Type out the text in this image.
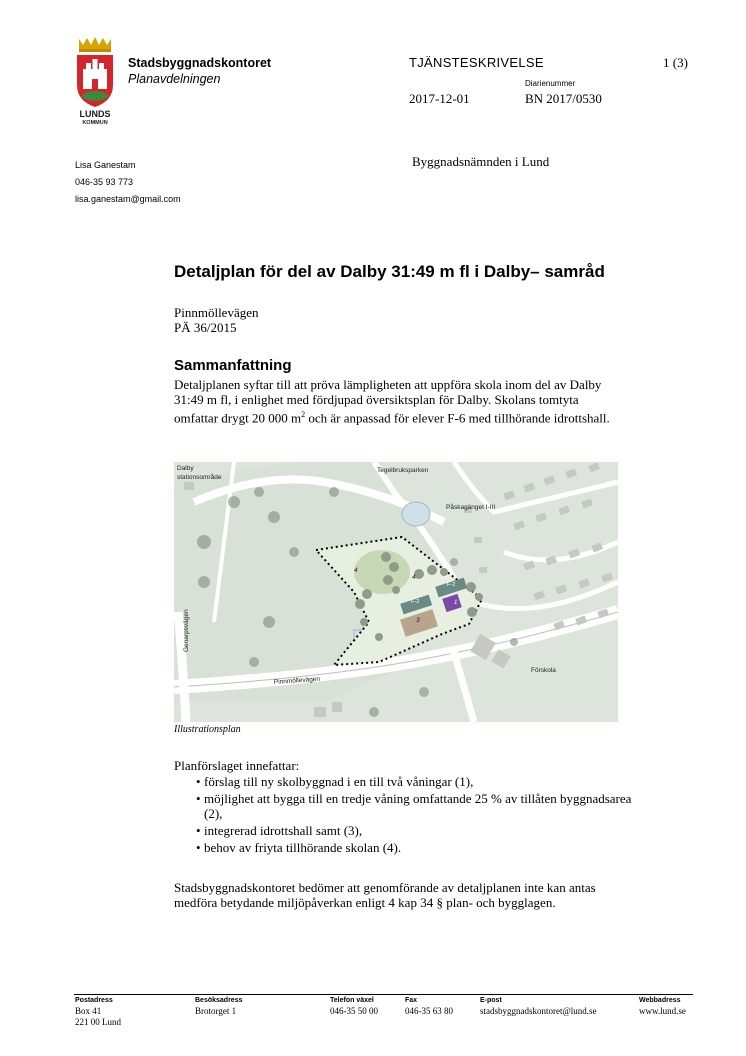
LUNDS
KOMMUN
Stadsbyggnadskontoret
Planavdelningen
TJÄNSTESKRIVELSE	1 (3)
Diarienummer
2017-12-01	BN 2017/0530
Lisa Ganestam
046-35 93 773
lisa.ganestam@gmail.com
Byggnadsnämnden i Lund
Detaljplan för del av Dalby 31:49 m fl i Dalby– samråd
Pinnmöllevägen
PÄ 36/2015
Sammanfattning
Detaljplanen syftar till att pröva lämpligheten att uppföra skola inom del av Dalby 31:49 m fl, i enlighet med fördjupad översiktsplan för Dalby. Skolans tomtyta omfattar drygt 20 000 $m^2$ och är anpassad för elever F-6 med tillhörande idrottshall.
Dalby
stationsområde
Tegelbruksparken
Påskagänget I-III
Pinnmöllevägen
Genarpsvägen
Förskola
4
4
F-2
F-2
1
3
Illustrationsplan
Planförslaget innefattar:
• förslag till ny skolbyggnad i en till två våningar (1),
• möjlighet att bygga till en tredje våning omfattande 25 % av tillåten byggnadsarea (2),
• integrerad idrottshall samt (3),
• behov av friyta tillhörande skolan (4).
Stadsbyggnadskontoret bedömer att genomförande av detaljplanen inte kan antas medföra betydande miljöpåverkan enligt 4 kap 34 § plan- och bygglagen.
Postadress
Box 41
221 00 Lund
Besöksadress
Brotorget 1
Telefon växel
046-35 50 00
Fax
046-35 63 80
E-post
stadsbyggnadskontoret@lund.se
Webbadress
www.lund.se
